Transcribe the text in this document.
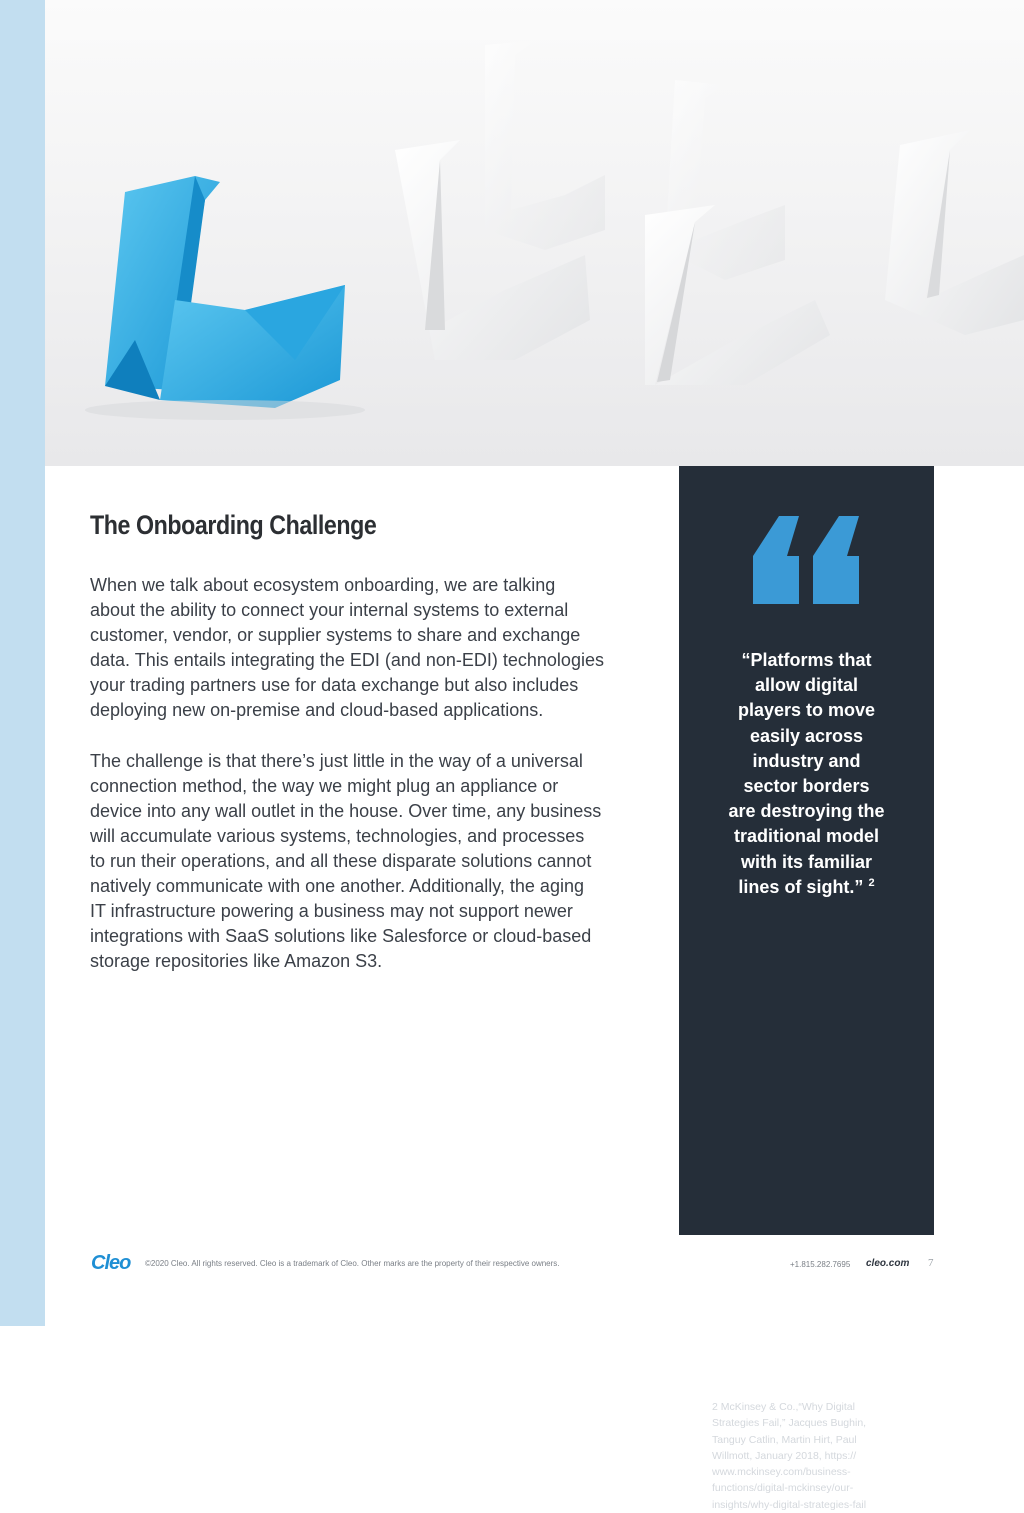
The Onboarding Challenge
When we talk about ecosystem onboarding, we are talking
about the ability to connect your internal systems to external
customer, vendor, or supplier systems to share and exchange
data. This entails integrating the EDI (and non-EDI) technologies
your trading partners use for data exchange but also includes
deploying new on-premise and cloud-based applications.
The challenge is that there’s just little in the way of a universal
connection method, the way we might plug an appliance or
device into any wall outlet in the house. Over time, any business
will accumulate various systems, technologies, and processes
to run their operations, and all these disparate solutions cannot
natively communicate with one another. Additionally, the aging
IT infrastructure powering a business may not support newer
integrations with SaaS solutions like Salesforce or cloud-based
storage repositories like Amazon S3.
“Platforms that
allow digital
players to move
easily across
industry and
sector borders
are destroying the
traditional model
with its familiar
lines of sight.” $^2$
2 McKinsey & Co.,“Why Digital
Strategies Fail,” Jacques Bughin,
Tanguy Catlin, Martin Hirt, Paul
Willmott, January 2018, https://
www.mckinsey.com/business-
functions/digital-mckinsey/our-
insights/why-digital-strategies-fail
Cleo ©2020 Cleo. All rights reserved. Cleo is a trademark of Cleo. Other marks are the property of their respective owners.	+1.815.282.7695 cleo.com 7
